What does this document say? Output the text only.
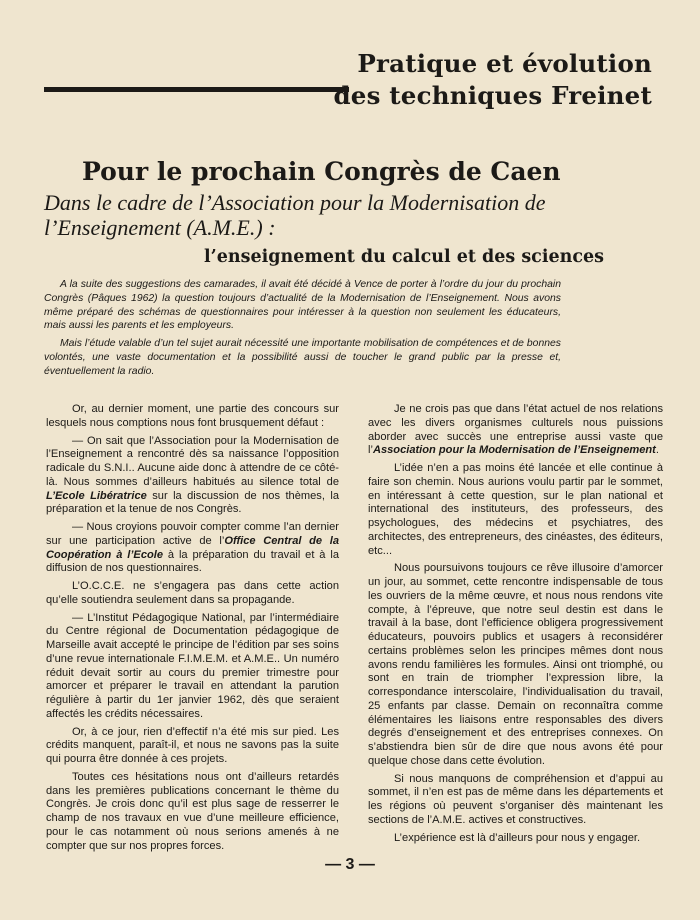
Pratique et évolution
des techniques Freinet
Pour le prochain Congrès de Caen
Dans le cadre de l’Association pour la Modernisation de l’Enseignement (A.M.E.) :
l’enseignement du calcul et des sciences

A la suite des suggestions des camarades, il avait été décidé à Vence de porter à l’ordre du jour du prochain Congrès (Pâques 1962) la question toujours d’actualité de la Modernisation de l’Enseignement. Nous avons même préparé des schémas de questionnaires pour intéresser à la question non seulement les éducateurs, mais aussi les parents et les employeurs.

Mais l’étude valable d’un tel sujet aurait nécessité une importante mobilisation de compétences et de bonnes volontés, une vaste documentation et la possibilité aussi de toucher le grand public par la presse et, éventuellement la radio.

Or, au dernier moment, une partie des concours sur lesquels nous comptions nous font brusquement défaut :

— On sait que l’Association pour la Modernisation de l’Enseignement a rencontré dès sa naissance l’opposition radicale du S.N.I.. Aucune aide donc à attendre de ce côté-là. Nous sommes d’ailleurs habitués au silence total de L’Ecole Libératrice sur la discussion de nos thèmes, la préparation et la tenue de nos Congrès.

— Nous croyions pouvoir compter comme l’an dernier sur une participation active de l’Office Central de la Coopération à l’Ecole à la préparation du travail et à la diffusion de nos questionnaires.

L’O.C.C.E. ne s’engagera pas dans cette action qu’elle soutiendra seulement dans sa propagande.

— L’Institut Pédagogique National, par l’intermédiaire du Centre régional de Documentation pédagogique de Marseille avait accepté le principe de l’édition par ses soins d’une revue internationale F.I.M.E.M. et A.M.E.. Un numéro réduit devait sortir au cours du premier trimestre pour amorcer et préparer le travail en attendant la parution régulière à partir du 1er janvier 1962, dès que seraient affectés les crédits nécessaires.

Or, à ce jour, rien d’effectif n’a été mis sur pied. Les crédits manquent, paraît-il, et nous ne savons pas la suite qui pourra être donnée à ces projets.

Toutes ces hésitations nous ont d’ailleurs retardés dans les premières publications concernant le thème du Congrès. Je crois donc qu’il est plus sage de resserrer le champ de nos travaux en vue d’une meilleure efficience, pour le cas notamment où nous serions amenés à ne compter que sur nos propres forces.

Je ne crois pas que dans l’état actuel de nos relations avec les divers organismes culturels nous puissions aborder avec succès une entreprise aussi vaste que l’Association pour la Modernisation de l’Enseignement.

L’idée n’en a pas moins été lancée et elle continue à faire son chemin. Nous aurions voulu partir par le sommet, en intéressant à cette question, sur le plan national et international des instituteurs, des professeurs, des psychologues, des médecins et psychiatres, des architectes, des entrepreneurs, des cinéastes, des éditeurs, etc...

Nous poursuivons toujours ce rêve illusoire d’amorcer un jour, au sommet, cette rencontre indispensable de tous les ouvriers de la même œuvre, et nous nous rendons vite compte, à l’épreuve, que notre seul destin est dans le travail à la base, dont l’efficience obligera progressivement éducateurs, pouvoirs publics et usagers à reconsidérer certains problèmes selon les principes mêmes dont nous avons rendu familières les formules. Ainsi ont triomphé, ou sont en train de triompher l’expression libre, la correspondance interscolaire, l’individualisation du travail, 25 enfants par classe. Demain on reconnaîtra comme élémentaires les liaisons entre responsables des divers degrés d’enseignement et des entreprises connexes. On s’abstiendra bien sûr de dire que nous avons été pour quelque chose dans cette évolution.

Si nous manquons de compréhension et d’appui au sommet, il n’en est pas de même dans les départements et les régions où peuvent s’organiser dès maintenant les sections de l’A.M.E. actives et constructives.

L’expérience est là d’ailleurs pour nous y engager.

— 3 —
